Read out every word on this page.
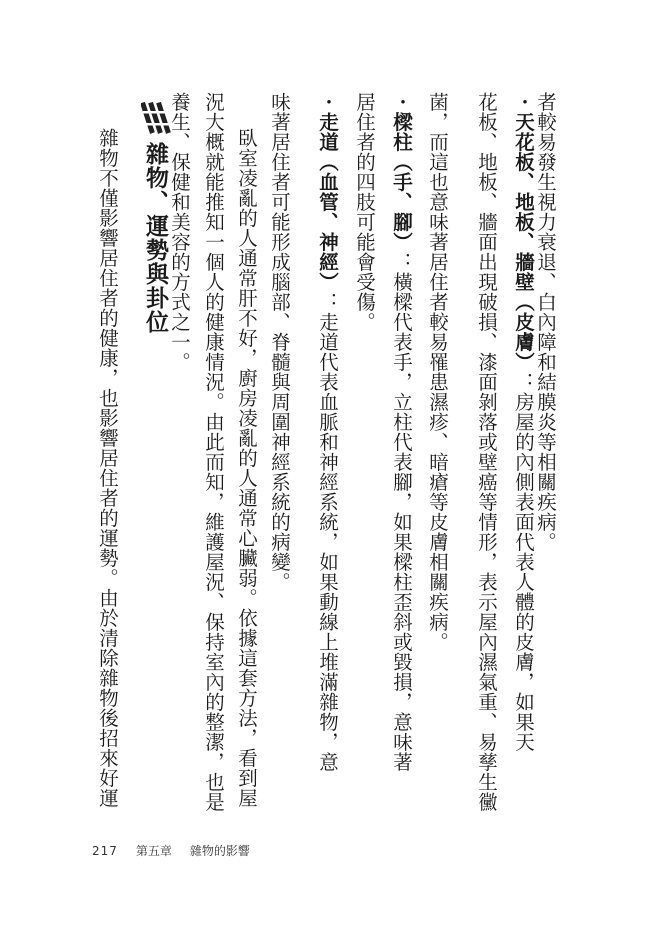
者較易發生視力衰退、白內障和結膜炎等相關疾病。
・天花板、地板、牆壁（皮膚）：房屋的內側表面代表人體的皮膚，如果天
花板、地板、牆面出現破損、漆面剝落或壁癌等情形，表示屋內濕氣重、易孳生黴
菌，而這也意味著居住者較易罹患濕疹、暗瘡等皮膚相關疾病。
・樑柱（手、腳）：橫樑代表手，立柱代表腳，如果樑柱歪斜或毀損，意味著
居住者的四肢可能會受傷。
・走道（血管、神經）：走道代表血脈和神經系統，如果動線上堆滿雜物，意
味著居住者可能形成腦部、脊髓與周圍神經系統的病變。
臥室凌亂的人通常肝不好，廚房凌亂的人通常心臟弱。依據這套方法，看到屋
況大概就能推知一個人的健康情況。由此而知，維護屋況、保持室內的整潔，也是
養生、保健和美容的方式之一。
雜物、運勢與卦位
雜物不僅影響居住者的健康，也影響居住者的運勢。由於清除雜物後招來好運
217 第五章 雜物的影響
